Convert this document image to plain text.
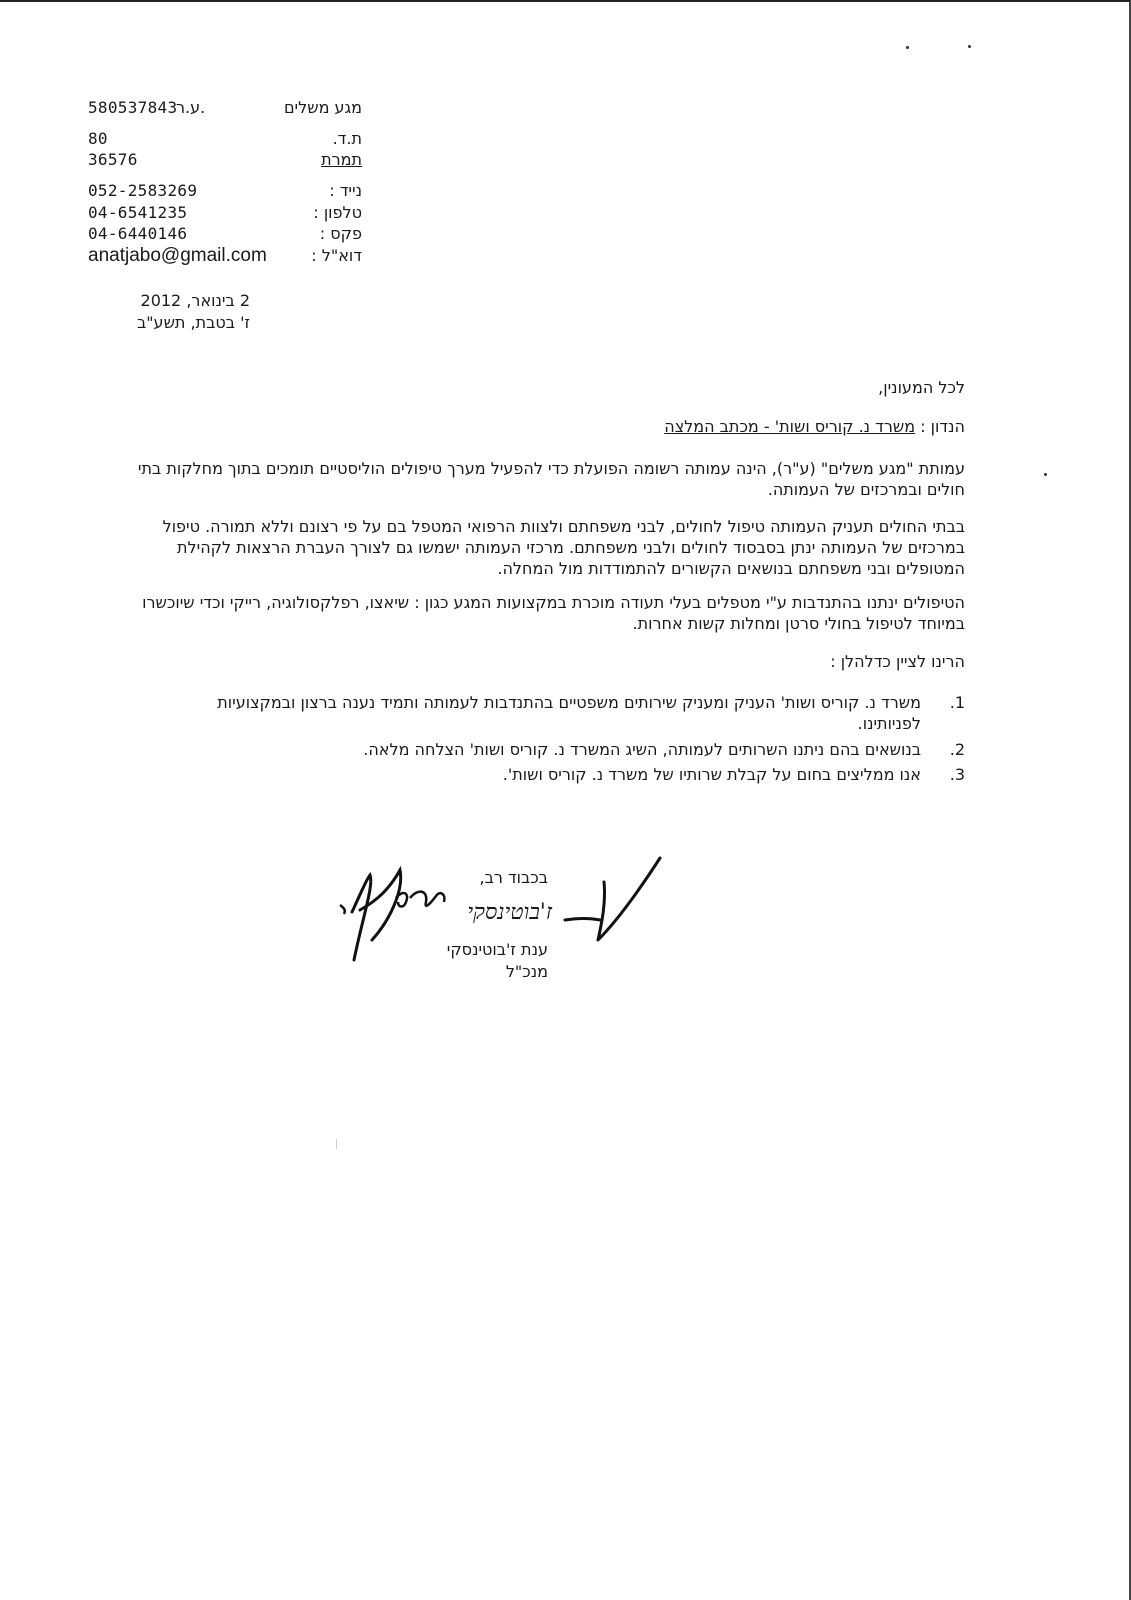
מגע משלים
ע.ר.
580537843
ת.ד.
80
תמרת
36576
נייד :
052-2583269
טלפון :
04-6541235
פקס :
04-6440146
דוא"ל :
anatjabo@gmail.com
2 בינואר, 2012
ז' בטבת, תשע"ב
לכל המעונין,
הנדון : משרד נ. קוריס ושות' - מכתב המלצה
עמותת "מגע משלים" (ע"ר), הינה עמותה רשומה הפועלת כדי להפעיל מערך טיפולים הוליסטיים תומכים בתוך מחלקות בתי חולים ובמרכזים של העמותה.
בבתי החולים תעניק העמותה טיפול לחולים, לבני משפחתם ולצוות הרפואי המטפל בם על פי רצונם וללא תמורה. טיפול במרכזים של העמותה ינתן בסבסוד לחולים ולבני משפחתם. מרכזי העמותה ישמשו גם לצורך העברת הרצאות לקהילת המטופלים ובני משפחתם בנושאים הקשורים להתמודדות מול המחלה.
הטיפולים ינתנו בהתנדבות ע"י מטפלים בעלי תעודה מוכרת במקצועות המגע כגון : שיאצו, רפלקסולוגיה, רייקי וכדי שיוכשרו במיוחד לטיפול בחולי סרטן ומחלות קשות אחרות.
הרינו לציין כדלהלן :
1.
משרד נ. קוריס ושות' העניק ומעניק שירותים משפטיים בהתנדבות לעמותה ותמיד נענה ברצון ובמקצועיות לפניותינו.
2.
בנושאים בהם ניתנו השרותים לעמותה, השיג המשרד נ. קוריס ושות' הצלחה מלאה.
3.
אנו ממליצים בחום על קבלת שרותיו של משרד נ. קוריס ושות'.
בכבוד רב,
ז'בוטינסקי
ענת ז'בוטינסקי
מנכ"ל
